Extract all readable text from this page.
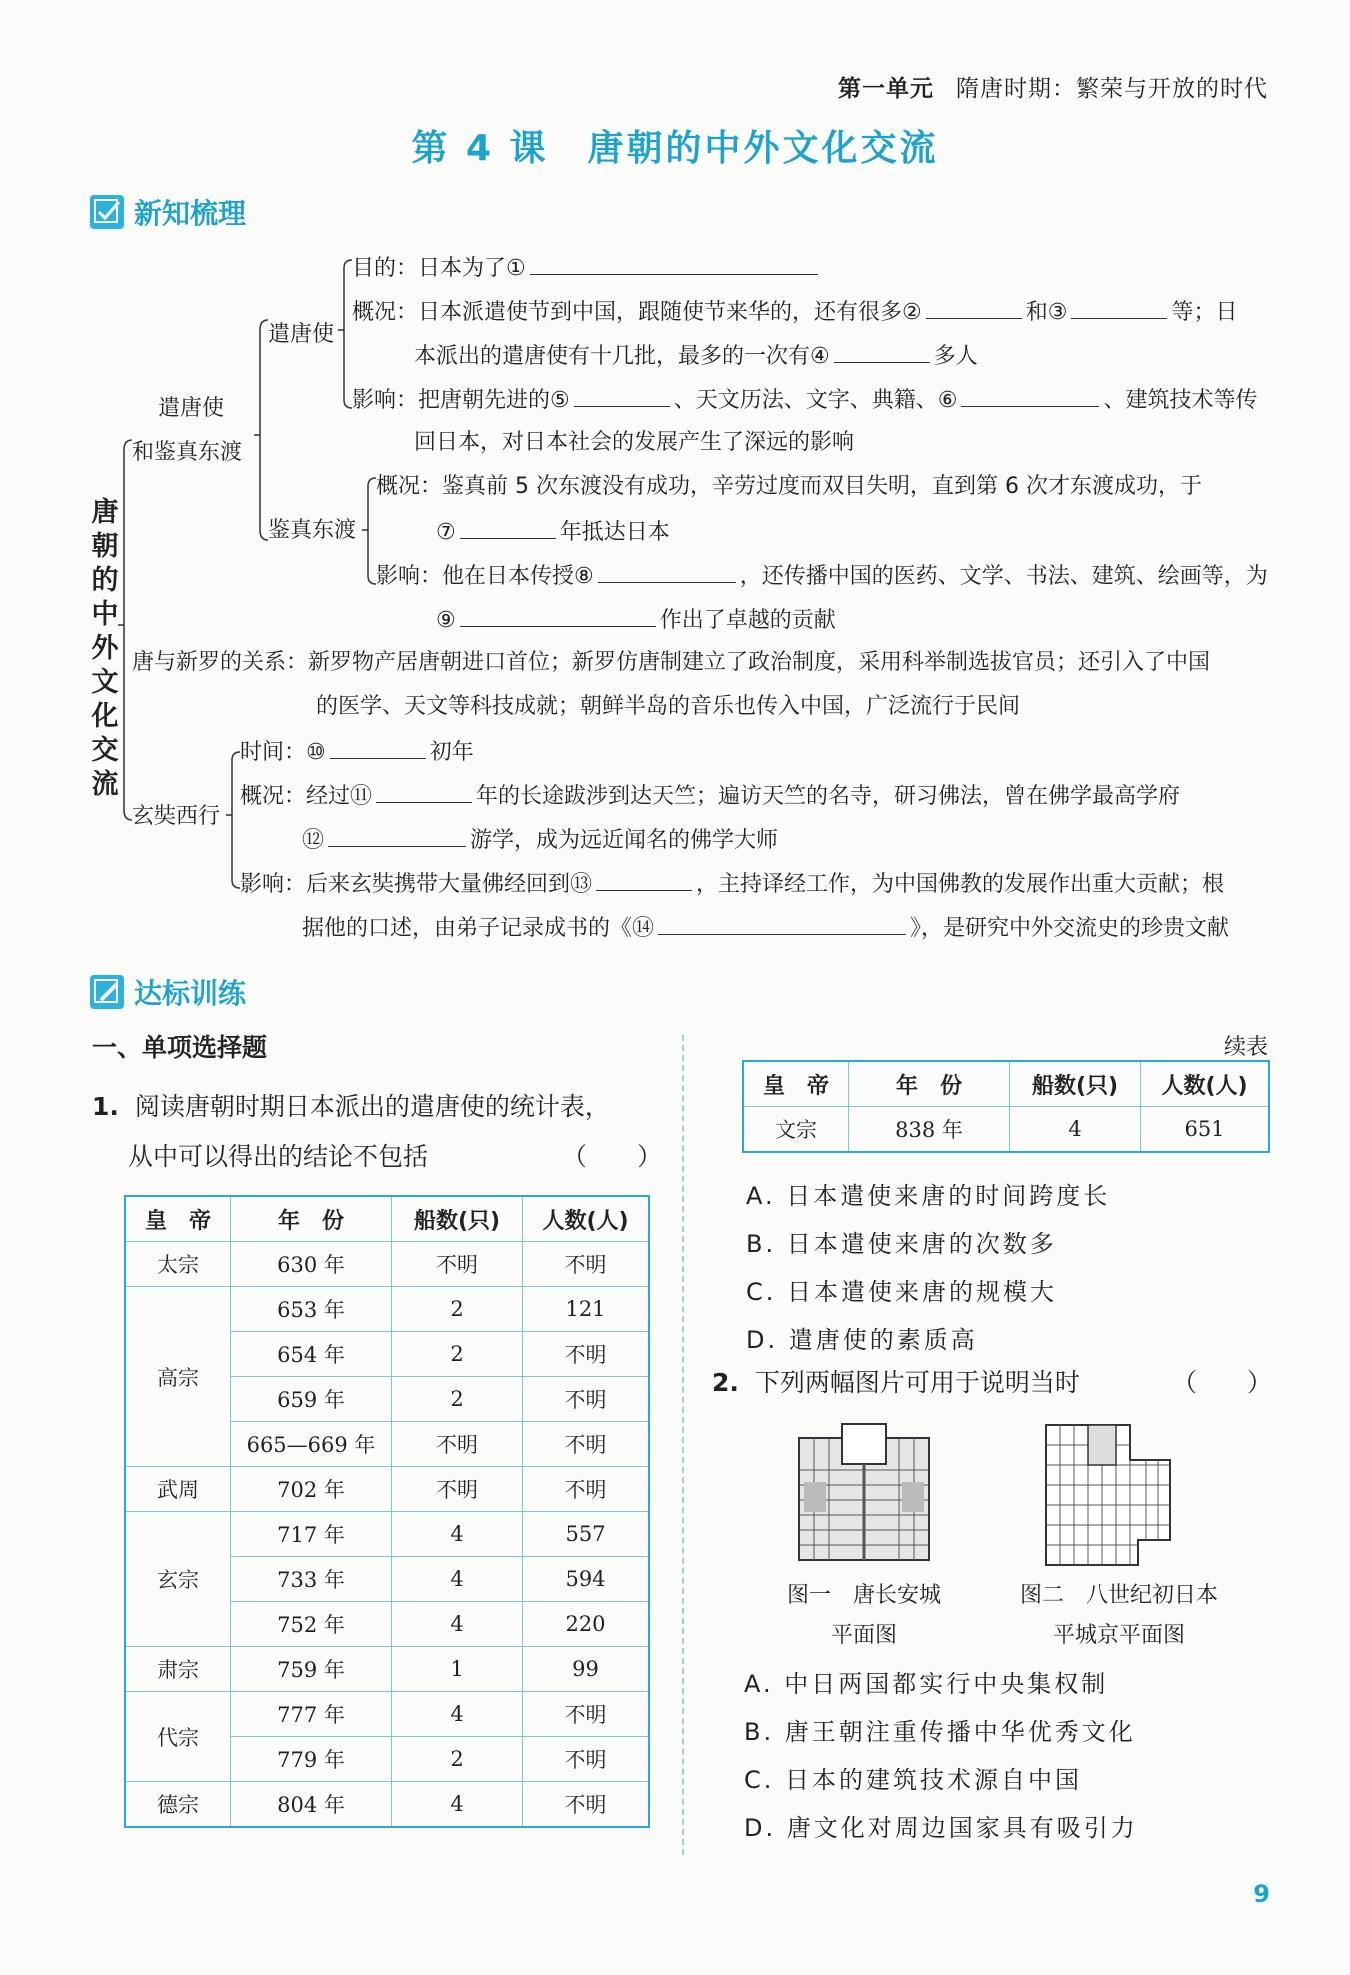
第一单元 隋唐时期：繁荣与开放的时代
第 4 课　唐朝的中外文化交流
新知梳理
唐朝的中外文化交流
遣唐使
和鉴真东渡
遣唐使
目的：日本为了①
概况：日本派遣使节到中国，跟随使节来华的，还有很多②	和③	等；日
本派出的遣唐使有十几批，最多的一次有④	多人
影响：把唐朝先进的⑤	、天文历法、文字、典籍、⑥	、建筑技术等传
回日本，对日本社会的发展产生了深远的影响
鉴真东渡
概况：鉴真前 5 次东渡没有成功，辛劳过度而双目失明，直到第 6 次才东渡成功，于
⑦	年抵达日本
影响：他在日本传授⑧	，还传播中国的医药、文学、书法、建筑、绘画等，为
⑨	作出了卓越的贡献
唐与新罗的关系：新罗物产居唐朝进口首位；新罗仿唐制建立了政治制度，采用科举制选拔官员；还引入了中国
的医学、天文等科技成就；朝鲜半岛的音乐也传入中国，广泛流行于民间
玄奘西行
时间：⑩	初年
概况：经过⑪	年的长途跋涉到达天竺；遍访天竺的名寺，研习佛法，曾在佛学最高学府
⑫	游学，成为远近闻名的佛学大师
影响：后来玄奘携带大量佛经回到⑬	，主持译经工作，为中国佛教的发展作出重大贡献；根
据他的口述，由弟子记录成书的《⑭	》，是研究中外交流史的珍贵文献
达标训练
一、单项选择题
1. 阅读唐朝时期日本派出的遣唐使的统计表，
从中可以得出的结论不包括	（　　）
皇　帝	年　份	船数(只)	人数(人)
太宗	630 年	不明	不明
高宗	653 年	2	121
	654 年	2	不明
	659 年	2	不明
	665—669 年	不明	不明
武周	702 年	不明	不明
玄宗	717 年	4	557
	733 年	4	594
	752 年	4	220
肃宗	759 年	1	99
代宗	777 年	4	不明
	779 年	2	不明
德宗	804 年	4	不明
续表
皇　帝	年　份	船数(只)	人数(人)
文宗	838 年	4	651
A. 日本遣使来唐的时间跨度长
B. 日本遣使来唐的次数多
C. 日本遣使来唐的规模大
D. 遣唐使的素质高
2. 下列两幅图片可用于说明当时	（　　）
图一　唐长安城
平面图
图二　八世纪初日本
平城京平面图
A. 中日两国都实行中央集权制
B. 唐王朝注重传播中华优秀文化
C. 日本的建筑技术源自中国
D. 唐文化对周边国家具有吸引力
9
